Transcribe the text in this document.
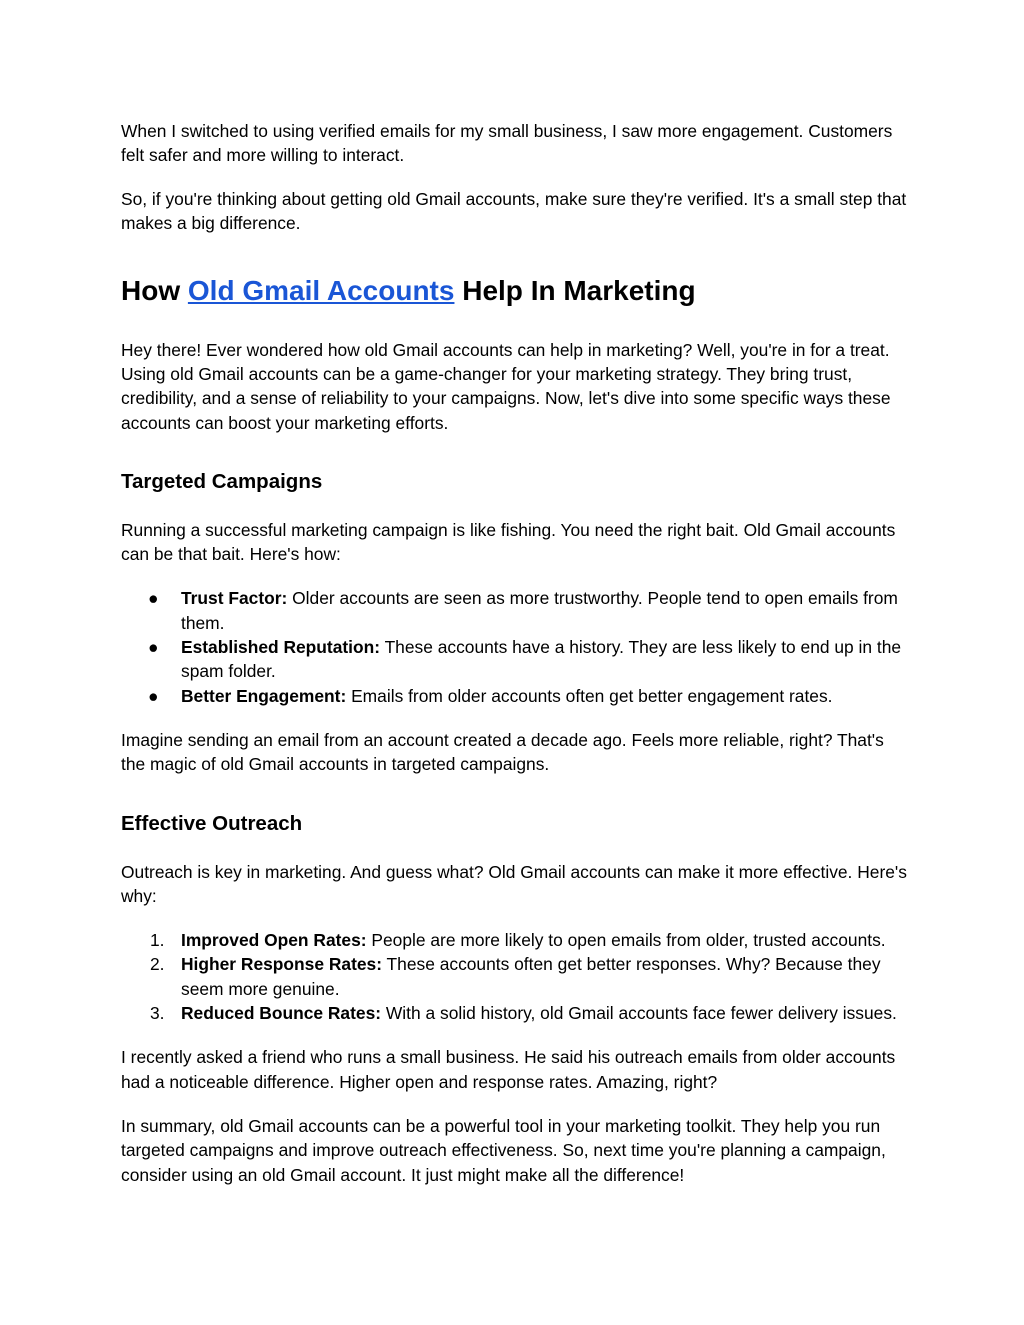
When I switched to using verified emails for my small business, I saw more engagement. Customers felt safer and more willing to interact.

So, if you're thinking about getting old Gmail accounts, make sure they're verified. It's a small step that makes a big difference.

How Old Gmail Accounts Help In Marketing

Hey there! Ever wondered how old Gmail accounts can help in marketing? Well, you're in for a treat. Using old Gmail accounts can be a game-changer for your marketing strategy. They bring trust, credibility, and a sense of reliability to your campaigns. Now, let's dive into some specific ways these accounts can boost your marketing efforts.

Targeted Campaigns

Running a successful marketing campaign is like fishing. You need the right bait. Old Gmail accounts can be that bait. Here's how:

● Trust Factor: Older accounts are seen as more trustworthy. People tend to open emails from them.
● Established Reputation: These accounts have a history. They are less likely to end up in the spam folder.
● Better Engagement: Emails from older accounts often get better engagement rates.

Imagine sending an email from an account created a decade ago. Feels more reliable, right? That's the magic of old Gmail accounts in targeted campaigns.

Effective Outreach

Outreach is key in marketing. And guess what? Old Gmail accounts can make it more effective. Here's why:

1. Improved Open Rates: People are more likely to open emails from older, trusted accounts.
2. Higher Response Rates: These accounts often get better responses. Why? Because they seem more genuine.
3. Reduced Bounce Rates: With a solid history, old Gmail accounts face fewer delivery issues.

I recently asked a friend who runs a small business. He said his outreach emails from older accounts had a noticeable difference. Higher open and response rates. Amazing, right?

In summary, old Gmail accounts can be a powerful tool in your marketing toolkit. They help you run targeted campaigns and improve outreach effectiveness. So, next time you're planning a campaign, consider using an old Gmail account. It just might make all the difference!
